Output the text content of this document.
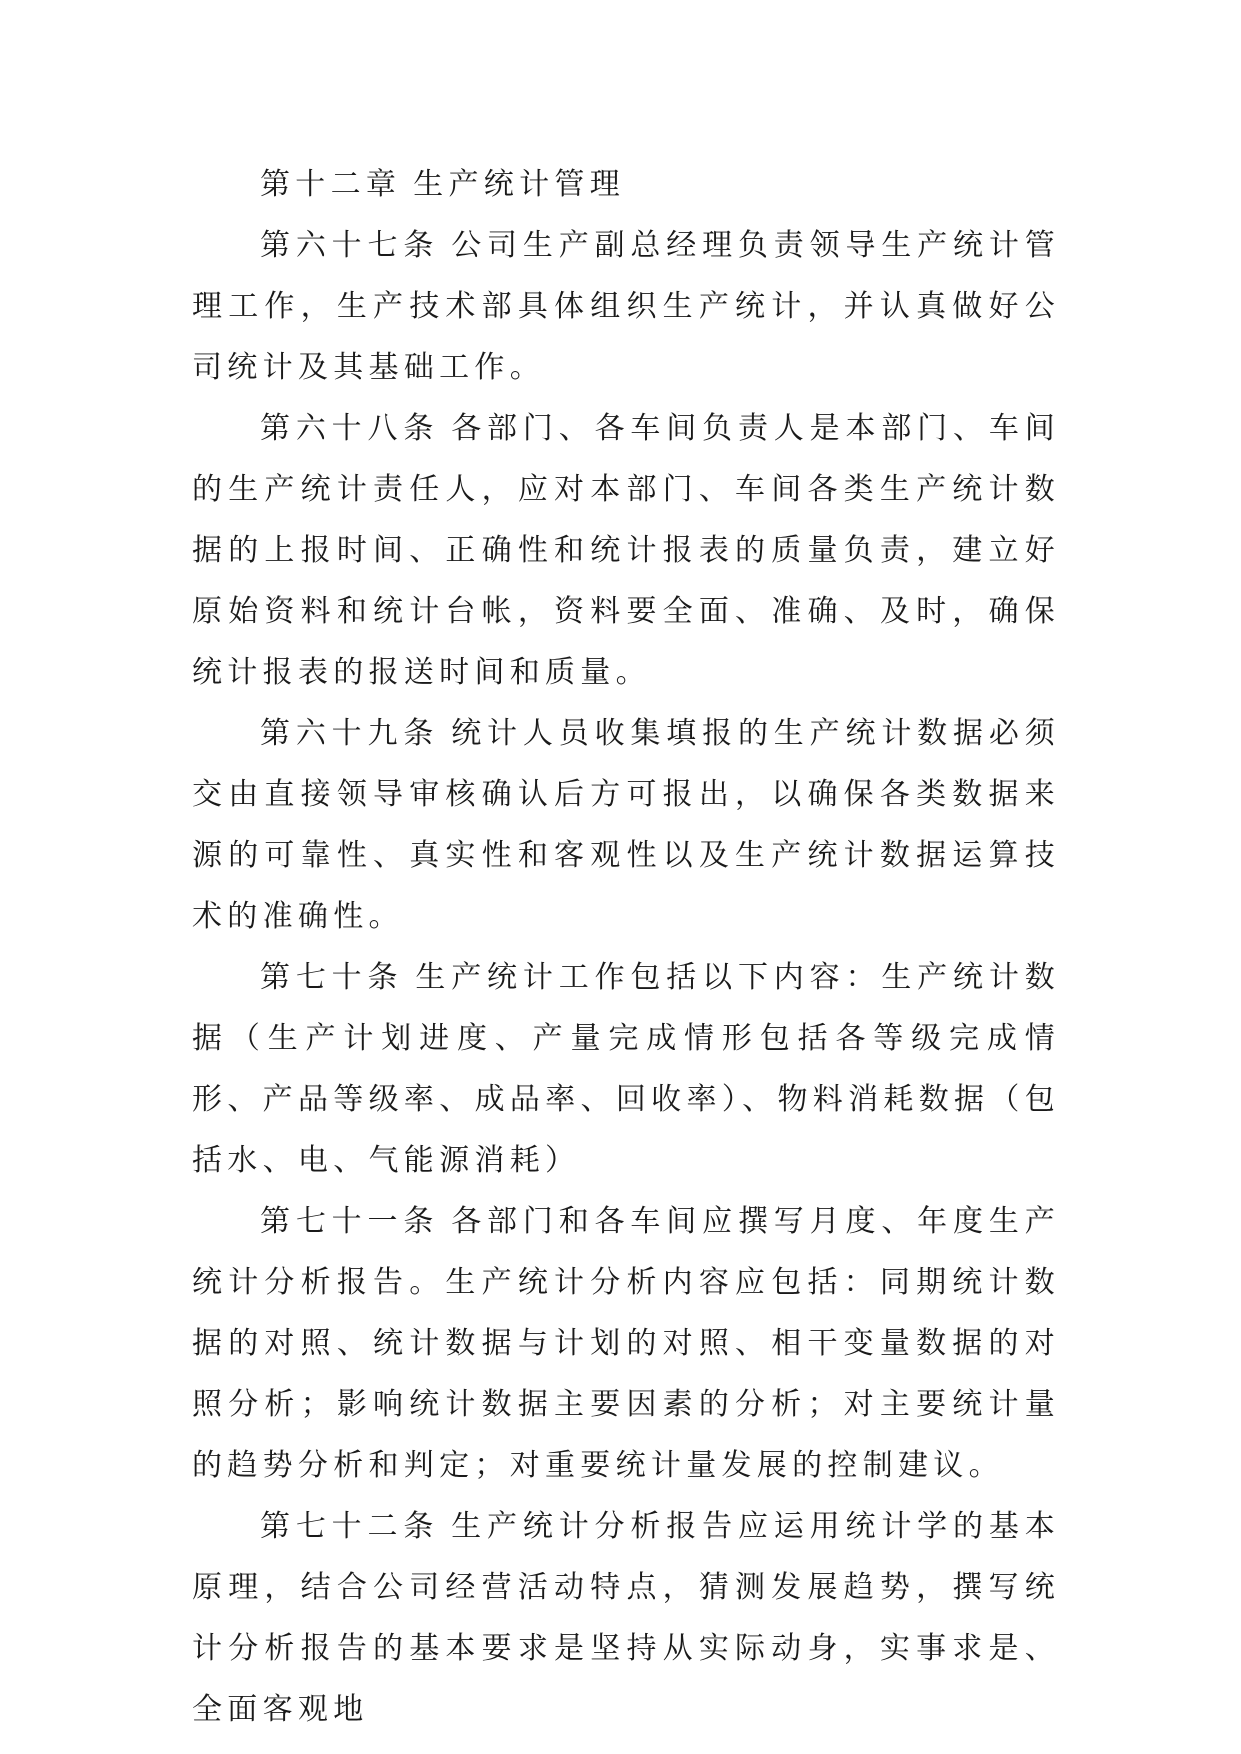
第十二章 生产统计管理

第六十七条 公司生产副总经理负责领导生产统计管理工作，生产技术部具体组织生产统计，并认真做好公司统计及其基础工作。

第六十八条 各部门、各车间负责人是本部门、车间的生产统计责任人，应对本部门、车间各类生产统计数据的上报时间、正确性和统计报表的质量负责，建立好原始资料和统计台帐，资料要全面、准确、及时，确保统计报表的报送时间和质量。

第六十九条 统计人员收集填报的生产统计数据必须交由直接领导审核确认后方可报出，以确保各类数据来源的可靠性、真实性和客观性以及生产统计数据运算技术的准确性。

第七十条 生产统计工作包括以下内容：生产统计数据（生产计划进度、产量完成情形包括各等级完成情形、产品等级率、成品率、回收率）、物料消耗数据（包括水、电、气能源消耗）

第七十一条 各部门和各车间应撰写月度、年度生产统计分析报告。生产统计分析内容应包括：同期统计数据的对照、统计数据与计划的对照、相干变量数据的对照分析；影响统计数据主要因素的分析；对主要统计量的趋势分析和判定；对重要统计量发展的控制建议。

第七十二条 生产统计分析报告应运用统计学的基本原理，结合公司经营活动特点，猜测发展趋势，撰写统计分析报告的基本要求是坚持从实际动身，实事求是、全面客观地
